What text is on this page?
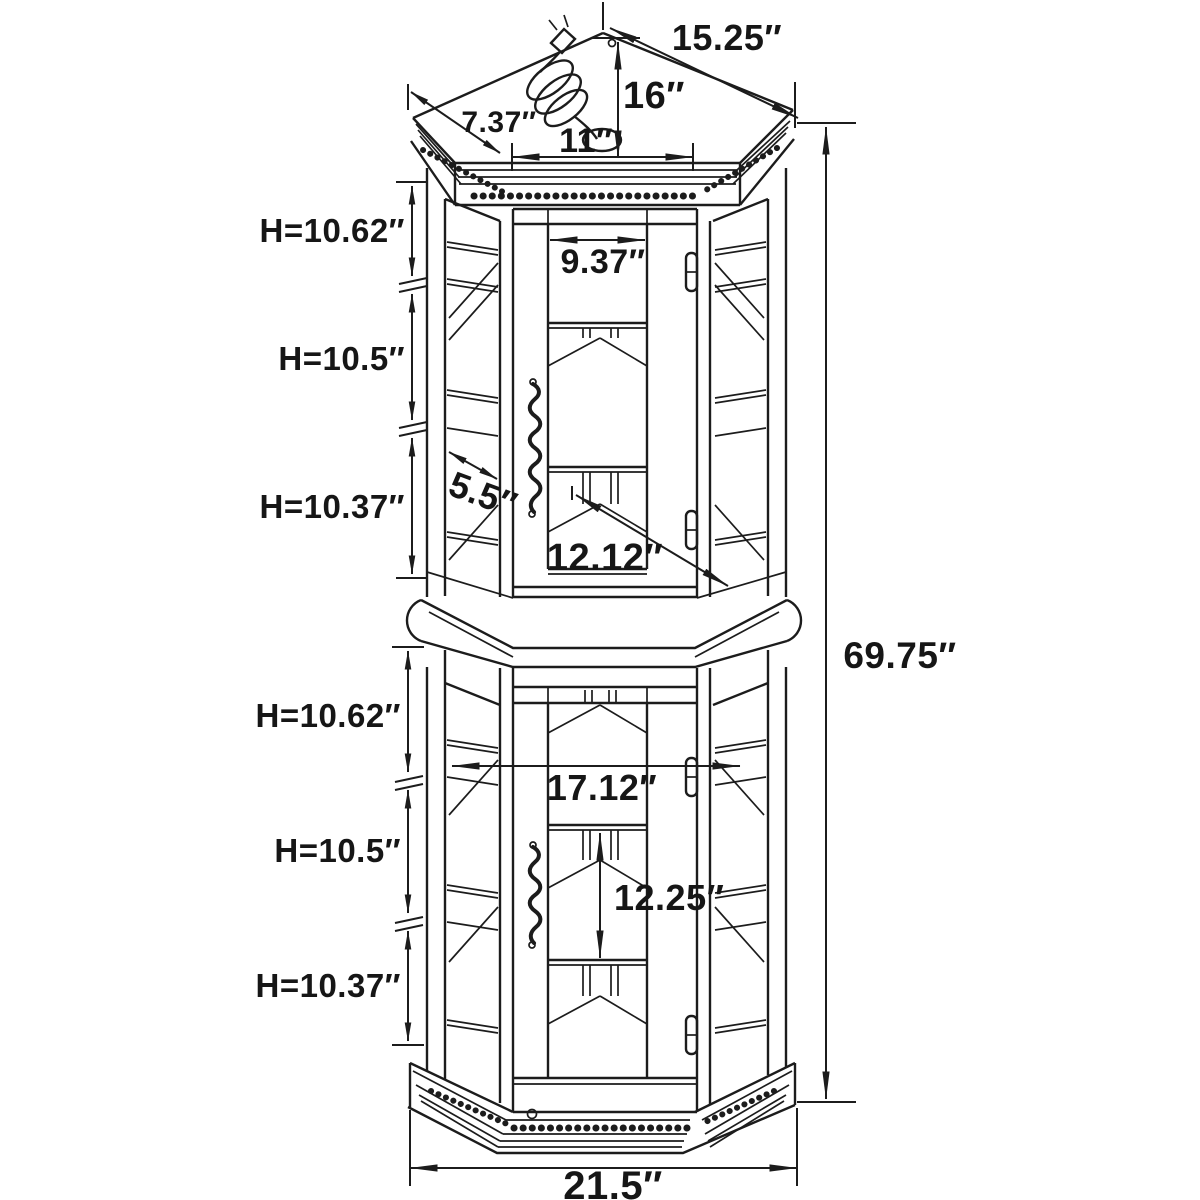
15.25″
16″
7.37″ 11″
H=10.62″
H=10.5″
H=10.37″
H=10.62″
H=10.5″
H=10.37″
9.37″
5.5″
12.12″
17.12″
12.25″
69.75″
21.5″
